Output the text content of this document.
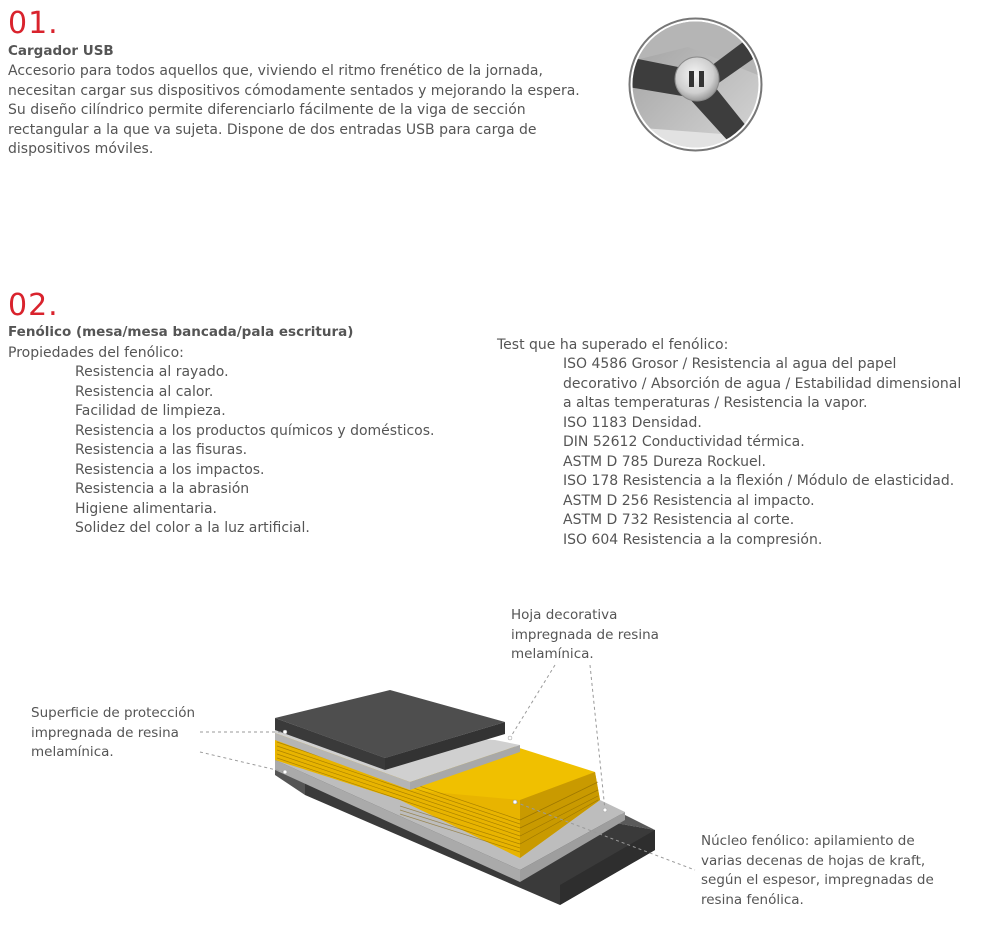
01.
Cargador USB
Accesorio para todos aquellos que, viviendo el ritmo frenético de la jornada, necesitan cargar sus dispositivos cómodamente sentados y mejorando la espera. Su diseño cilíndrico permite diferenciarlo fácilmente de la viga de sección rectangular a la que va sujeta. Dispone de dos entradas USB para carga de dispositivos móviles.
02.
Fenólico (mesa/mesa bancada/pala escritura)
Propiedades del fenólico:
Resistencia al rayado.
Resistencia al calor.
Facilidad de limpieza.
Resistencia a los productos químicos y domésticos.
Resistencia a las fisuras.
Resistencia a los impactos.
Resistencia a la abrasión
Higiene alimentaria.
Solidez del color a la luz artificial.
Test que ha superado el fenólico:
ISO 4586 Grosor / Resistencia al agua del papel
decorativo / Absorción de agua / Estabilidad dimensional
a altas temperaturas / Resistencia la vapor.
ISO 1183 Densidad.
DIN 52612 Conductividad térmica.
ASTM D 785 Dureza Rockuel.
ISO 178 Resistencia a la flexión / Módulo de elasticidad.
ASTM D 256 Resistencia al impacto.
ASTM D 732 Resistencia al corte.
ISO 604 Resistencia a la compresión.
Hoja decorativa
impregnada de resina
melamínica.
Superficie de protección
impregnada de resina
melamínica.
Núcleo fenólico: apilamiento de
varias decenas de hojas de kraft,
según el espesor, impregnadas de
resina fenólica.
